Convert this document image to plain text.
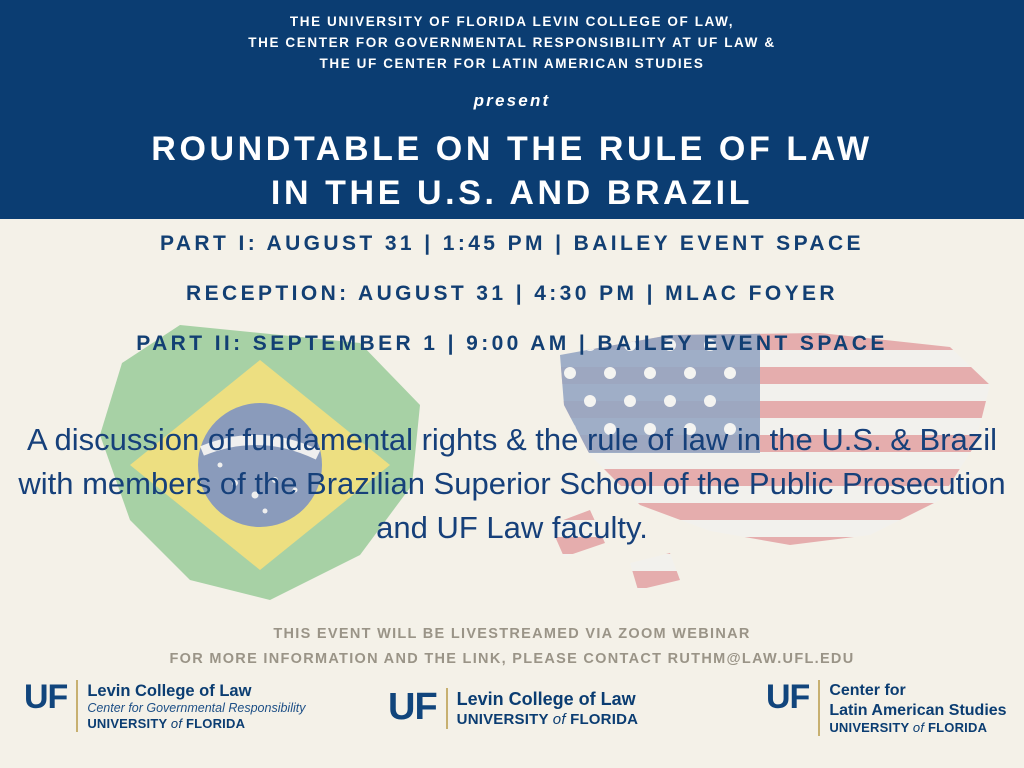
THE UNIVERSITY OF FLORIDA LEVIN COLLEGE OF LAW,
THE CENTER FOR GOVERNMENTAL RESPONSIBILITY AT UF LAW &
THE UF CENTER FOR LATIN AMERICAN STUDIES
present
ROUNDTABLE ON THE RULE OF LAW
IN THE U.S. AND BRAZIL
PART I: AUGUST 31 | 1:45 PM | BAILEY EVENT SPACE
RECEPTION: AUGUST 31 | 4:30 PM | MLAC FOYER
PART II: SEPTEMBER 1 | 9:00 AM | BAILEY EVENT SPACE
A discussion of fundamental rights & the rule of law in the U.S. & Brazil with members of the Brazilian Superior School of the Public Prosecution and UF Law faculty.
THIS EVENT WILL BE LIVESTREAMED VIA ZOOM WEBINAR
FOR MORE INFORMATION AND THE LINK, PLEASE CONTACT RUTHM@LAW.UFL.EDU
UF	Levin College of Law
Center for Governmental Responsibility
UNIVERSITY of FLORIDA	UF	Levin College of Law
UNIVERSITY of FLORIDA
UF	Center for
Latin American Studies
UNIVERSITY of FLORIDA
